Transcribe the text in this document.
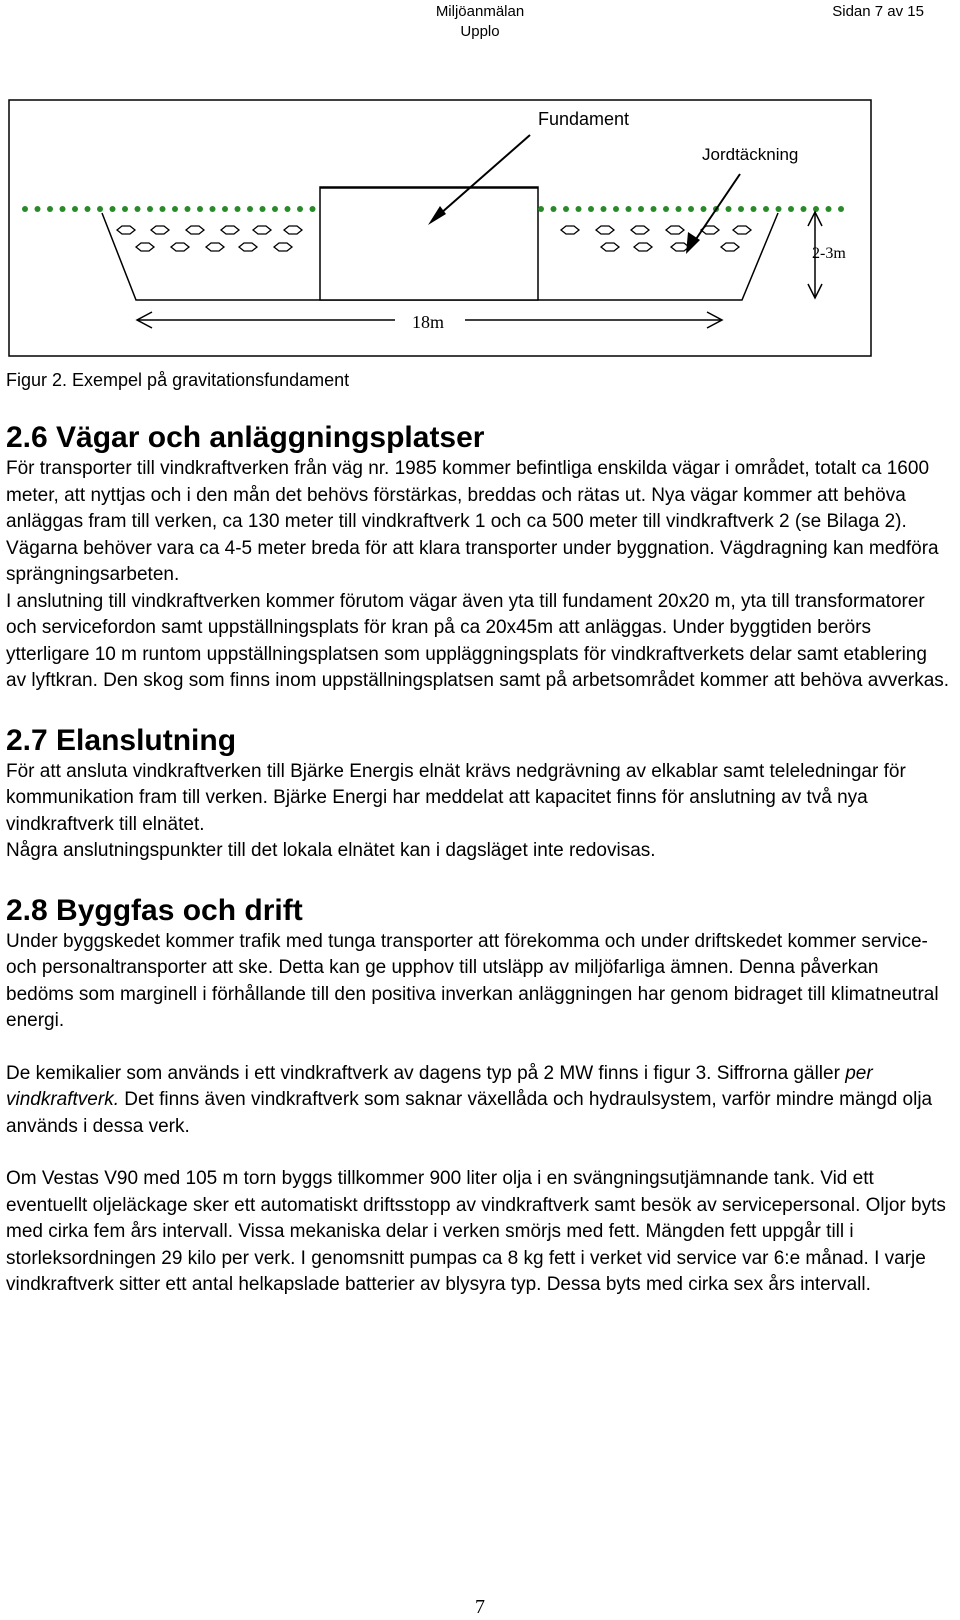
Miljöanmälan
Upplo
Sidan 7 av 15
Fundament
Jordtäckning
2-3m
18m
Figur 2. Exempel på gravitationsfundament
2.6 Vägar och anläggningsplatser

För transporter till vindkraftverken från väg nr. 1985 kommer befintliga enskilda vägar i området, totalt ca 1600 meter, att nyttjas och i den mån det behövs förstärkas, breddas och rätas ut. Nya vägar kommer att behöva anläggas fram till verken, ca 130 meter till vindkraftverk 1 och ca 500 meter till vindkraftverk 2 (se Bilaga 2). Vägarna behöver vara ca 4-5 meter breda för att klara transporter under byggnation. Vägdragning kan medföra sprängningsarbeten.

I anslutning till vindkraftverken kommer förutom vägar även yta till fundament 20x20 m, yta till transformatorer och servicefordon samt uppställningsplats för kran på ca 20x45m att anläggas. Under byggtiden berörs ytterligare 10 m runtom uppställningsplatsen som uppläggningsplats för vindkraftverkets delar samt etablering av lyftkran. Den skog som finns inom uppställningsplatsen samt på arbetsområdet kommer att behöva avverkas.

2.7 Elanslutning

För att ansluta vindkraftverken till Bjärke Energis elnät krävs nedgrävning av elkablar samt teleledningar för kommunikation fram till verken. Bjärke Energi har meddelat att kapacitet finns för anslutning av två nya vindkraftverk till elnätet.

Några anslutningspunkter till det lokala elnätet kan i dagsläget inte redovisas.

2.8 Byggfas och drift

Under byggskedet kommer trafik med tunga transporter att förekomma och under driftskedet kommer service- och personaltransporter att ske. Detta kan ge upphov till utsläpp av miljöfarliga ämnen. Denna påverkan bedöms som marginell i förhållande till den positiva inverkan anläggningen har genom bidraget till klimatneutral energi.

De kemikalier som används i ett vindkraftverk av dagens typ på 2 MW finns i figur 3. Siffrorna gäller per vindkraftverk. Det finns även vindkraftverk som saknar växellåda och hydraulsystem, varför mindre mängd olja används i dessa verk.

Om Vestas V90 med 105 m torn byggs tillkommer 900 liter olja i en svängningsutjämnande tank. Vid ett eventuellt oljeläckage sker ett automatiskt driftsstopp av vindkraftverk samt besök av servicepersonal. Oljor byts med cirka fem års intervall. Vissa mekaniska delar i verken smörjs med fett. Mängden fett uppgår till i storleksordningen 29 kilo per verk. I genomsnitt pumpas ca 8 kg fett i verket vid service var 6:e månad. I varje vindkraftverk sitter ett antal helkapslade batterier av blysyra typ. Dessa byts med cirka sex års intervall.

7
